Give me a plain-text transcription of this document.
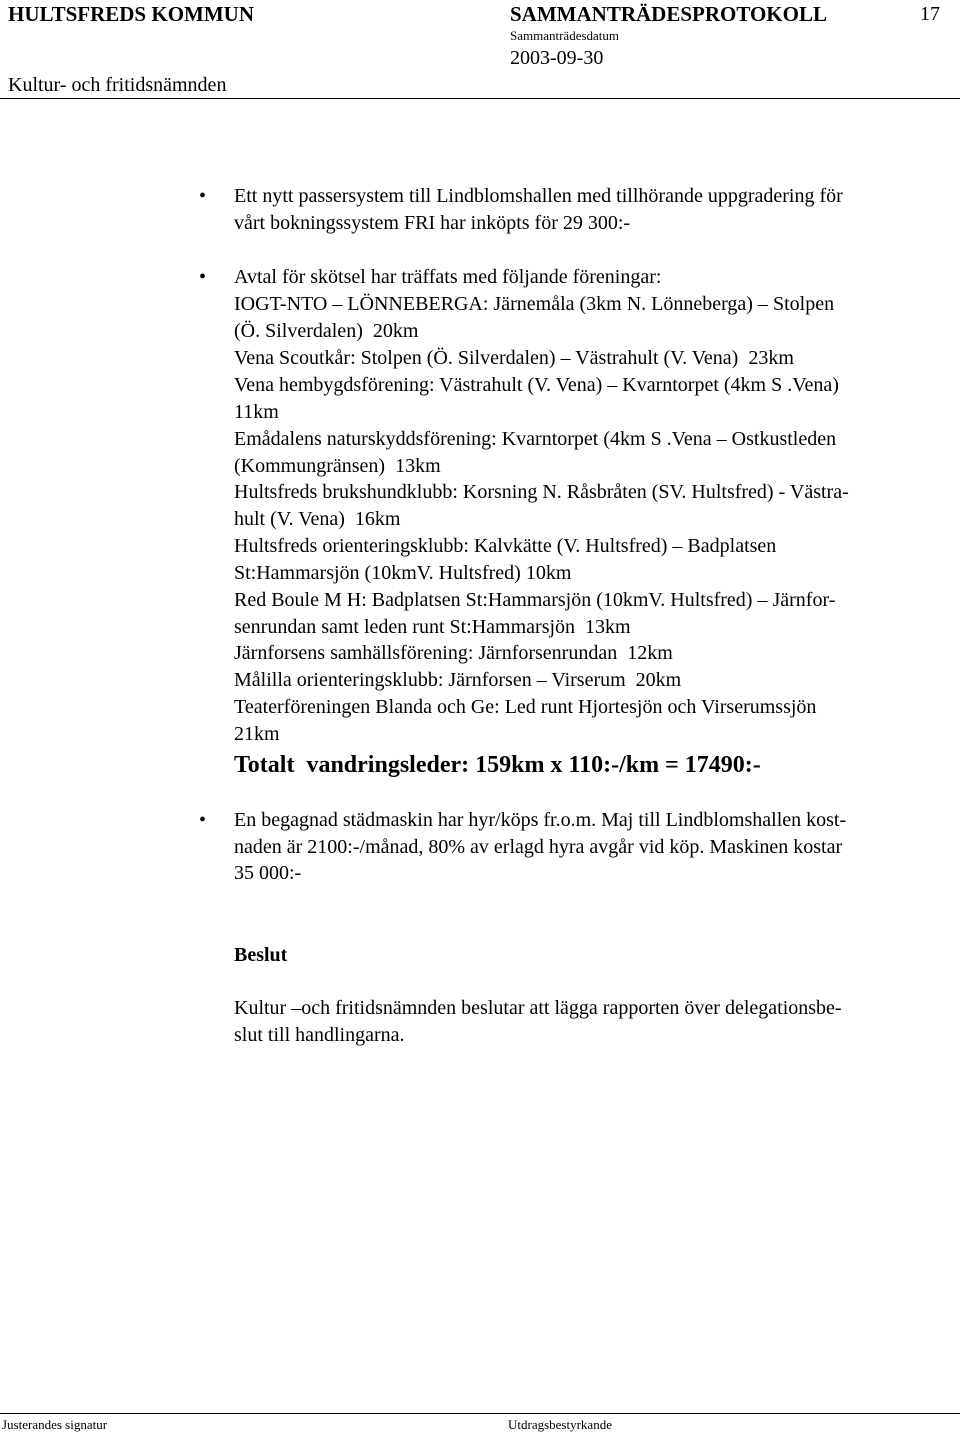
HULTSFREDS KOMMUN	SAMMANTRÄDESPROTOKOLL	17
Sammanträdesdatum
2003-09-30
Kultur- och fritidsnämnden
• Ett nytt passersystem till Lindblomshallen med tillhörande uppgradering för
vårt bokningssystem FRI har inköpts för 29 300:-
• Avtal för skötsel har träffats med följande föreningar:
IOGT-NTO – LÖNNEBERGA: Järnemåla (3km N. Lönneberga) – Stolpen
(Ö. Silverdalen)  20km
Vena Scoutkår: Stolpen (Ö. Silverdalen) – Västrahult (V. Vena)  23km
Vena hembygdsförening: Västrahult (V. Vena) – Kvarntorpet (4km S .Vena)
11km
Emådalens naturskyddsförening: Kvarntorpet (4km S .Vena – Ostkustleden
(Kommungränsen)  13km
Hultsfreds brukshundklubb: Korsning N. Råsbråten (SV. Hultsfred) - Västra-
hult (V. Vena)  16km
Hultsfreds orienteringsklubb: Kalvkätte (V. Hultsfred) – Badplatsen
St:Hammarsjön (10kmV. Hultsfred) 10km
Red Boule M H: Badplatsen St:Hammarsjön (10kmV. Hultsfred) – Järnfor-
senrundan samt leden runt St:Hammarsjön  13km
Järnforsens samhällsförening: Järnforsenrundan  12km
Målilla orienteringsklubb: Järnforsen – Virserum  20km
Teaterföreningen Blanda och Ge: Led runt Hjortesjön och Virserumssjön
21km
Totalt  vandringsleder: 159km x 110:-/km = 17490:-
• En begagnad städmaskin har hyr/köps fr.o.m. Maj till Lindblomshallen kost-
naden är 2100:-/månad, 80% av erlagd hyra avgår vid köp. Maskinen kostar
35 000:-
Beslut
Kultur –och fritidsnämnden beslutar att lägga rapporten över delegationsbe-
slut till handlingarna.
Justerandes signatur	Utdragsbestyrkande
